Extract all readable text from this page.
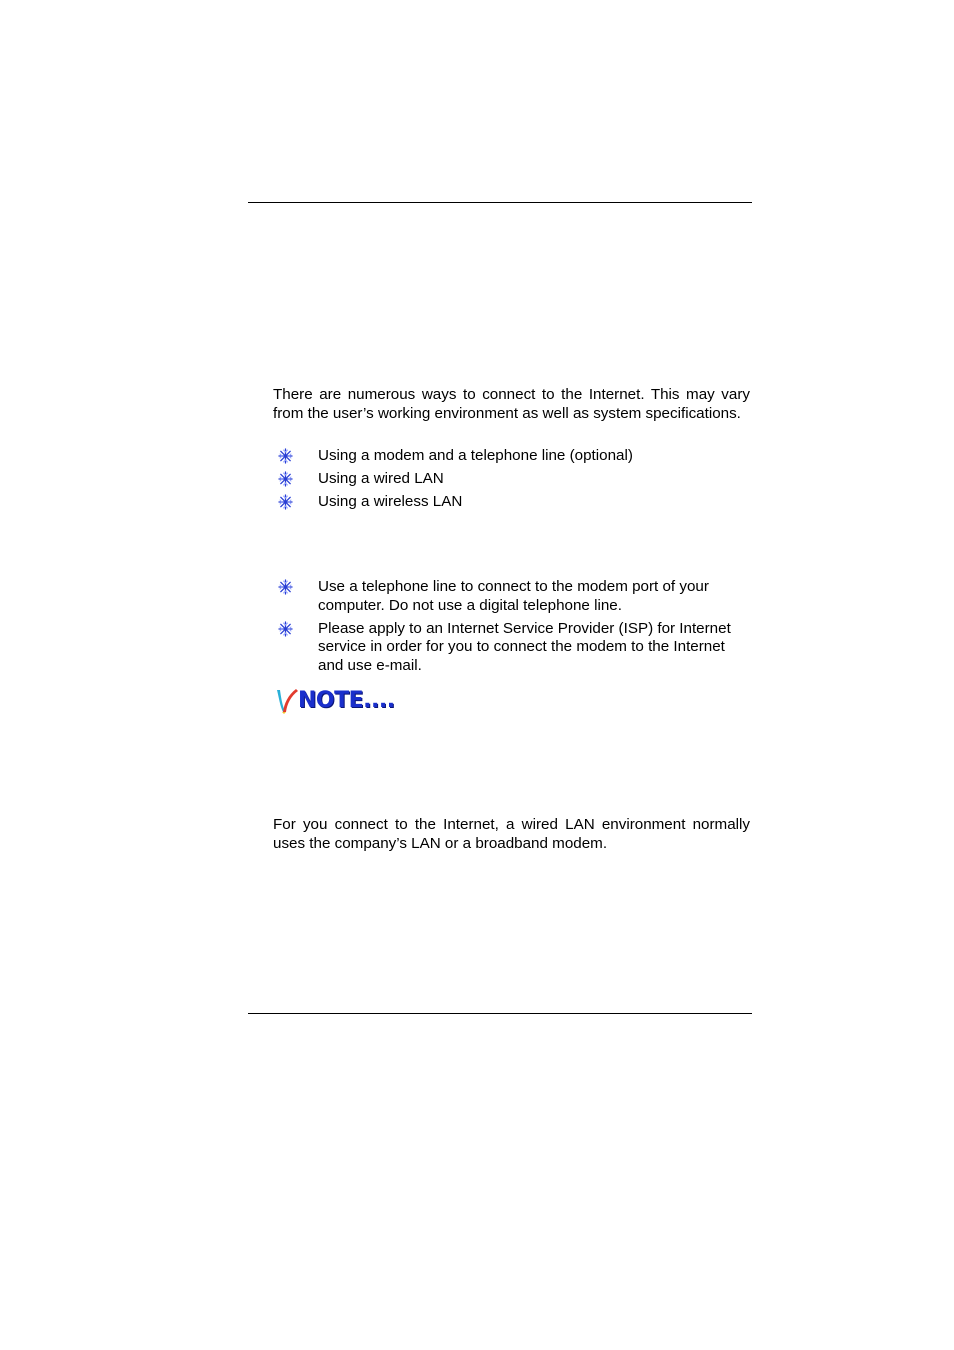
There are numerous ways to connect to the Internet. This may vary from the user’s working environment as well as system specifications.

Using a modem and a telephone line (optional)
Using a wired LAN
Using a wireless LAN
Use a telephone line to connect to the modem port of your computer. Do not use a digital telephone line.
Please apply to an Internet Service Provider (ISP) for Internet service in order for you to connect the modem to the Internet and use e-mail.
NOTE....

For you connect to the Internet, a wired LAN environment normally uses the company’s LAN or a broadband modem.
